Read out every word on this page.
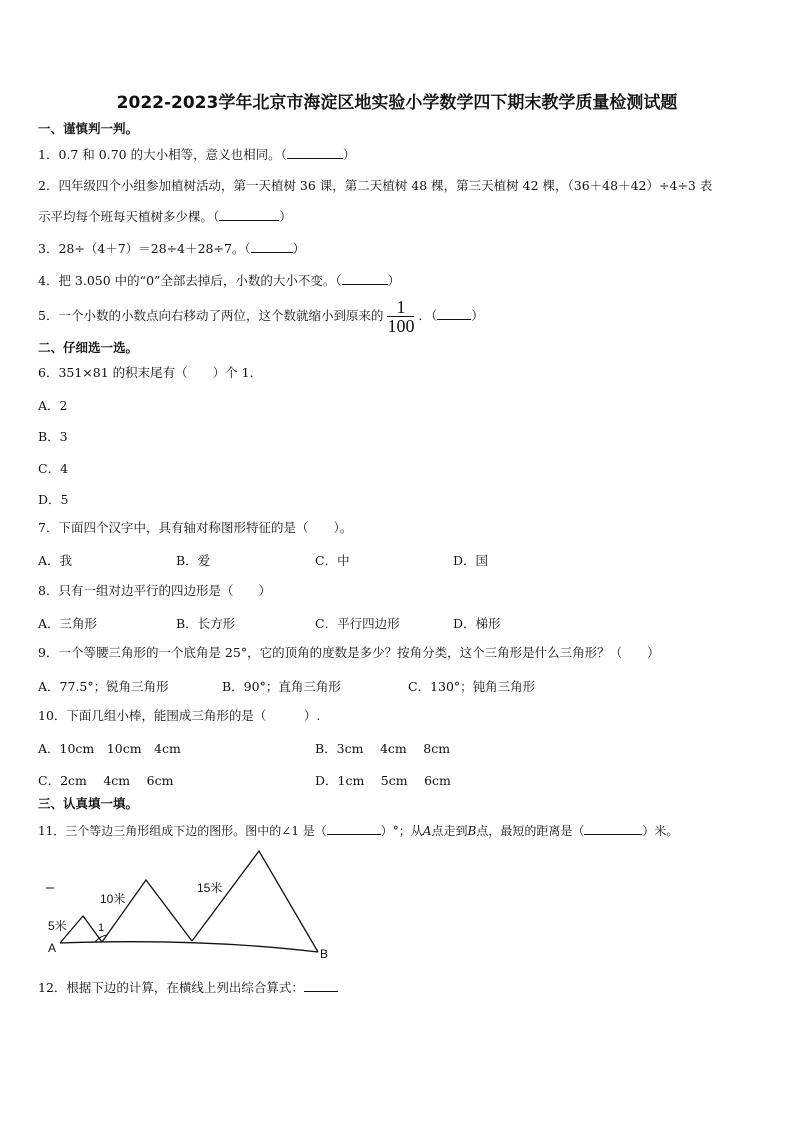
2022-2023学年北京市海淀区地实验小学数学四下期末教学质量检测试题
一、谨慎判一判。
1．0.7 和 0.70 的大小相等，意义也相同。（	）
2．四年级四个小组参加植树活动，第一天植树 36 课，第二天植树 48 棵，第三天植树 42 棵，（36＋48＋42）÷4÷3 表
示平均每个班每天植树多少棵。（	）
3．28÷（4＋7）＝28÷4＋28÷7。（	）
4．把 3.050 中的“0”全部去掉后，小数的大小不变。（	）
5．一个小数的小数点向右移动了两位，这个数就缩小到原来的 $\frac{1}{100}$ ．（	）
二、仔细选一选。
6．351×81 的积末尾有（　　）个 1．
A．2
B．3
C．4
D．5
7．下面四个汉字中，具有轴对称图形特征的是（　　）。
A．我	B．爱	C．中	D．国
8．只有一组对边平行的四边形是（　　）
A．三角形	B．长方形	C．平行四边形	D．梯形
9．一个等腰三角形的一个底角是 25°，它的顶角的度数是多少？按角分类，这个三角形是什么三角形？（　　）
A．77.5°；锐角三角形	B．90°；直角三角形	C．130°；钝角三角形
10．下面几组小棒，能围成三角形的是（　　　）.
A．10cm　10cm　4cm	B．3cm　 4cm　 8cm
C．2cm　 4cm　 6cm	D．1cm　 5cm　 6cm
三、认真填一填。
11．三个等边三角形组成下边的图形。图中的∠1 是（	）°；从A点走到B点，最短的距离是（	）米。
5米
10米
15米
1
A	B
12．根据下边的计算，在横线上列出综合算式：
